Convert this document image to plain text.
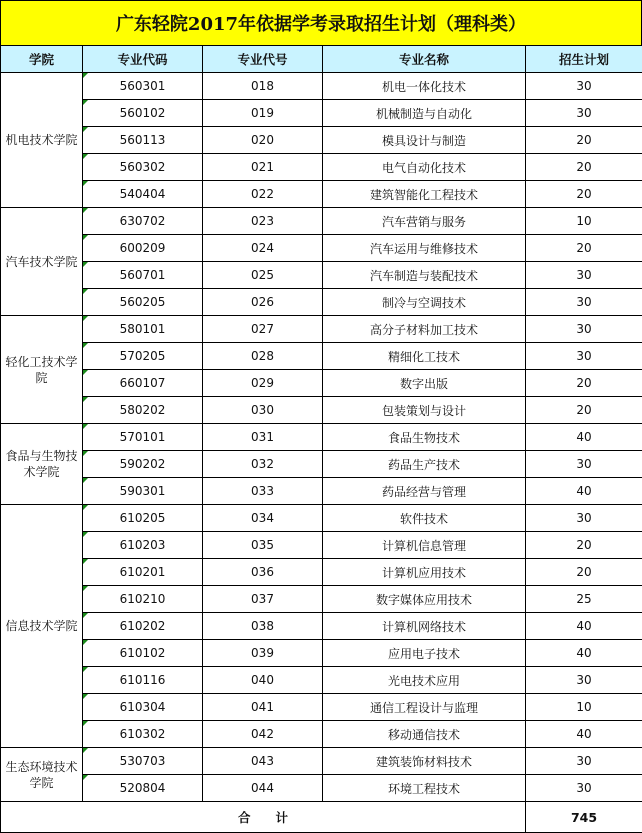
广东轻院2017年依据学考录取招生计划（理科类）
学院	专业代码	专业代号	专业名称	招生计划
机电技术学院	560301	018	机电一体化技术	30
	560102	019	机械制造与自动化	30
	560113	020	模具设计与制造	20
	560302	021	电气自动化技术	20
	540404	022	建筑智能化工程技术	20
汽车技术学院	630702	023	汽车营销与服务	10
	600209	024	汽车运用与维修技术	20
	560701	025	汽车制造与装配技术	30
	560205	026	制冷与空调技术	30
轻化工技术学院	580101	027	高分子材料加工技术	30
	570205	028	精细化工技术	30
	660107	029	数字出版	20
	580202	030	包装策划与设计	20
食品与生物技术学院	570101	031	食品生物技术	40
	590202	032	药品生产技术	30
	590301	033	药品经营与管理	40
信息技术学院	610205	034	软件技术	30
	610203	035	计算机信息管理	20
	610201	036	计算机应用技术	20
	610210	037	数字媒体应用技术	25
	610202	038	计算机网络技术	40
	610102	039	应用电子技术	40
	610116	040	光电技术应用	30
	610304	041	通信工程设计与监理	10
	610302	042	移动通信技术	40
生态环境技术学院	530703	043	建筑装饰材料技术	30
	520804	044	环境工程技术	30
合　　计				745
